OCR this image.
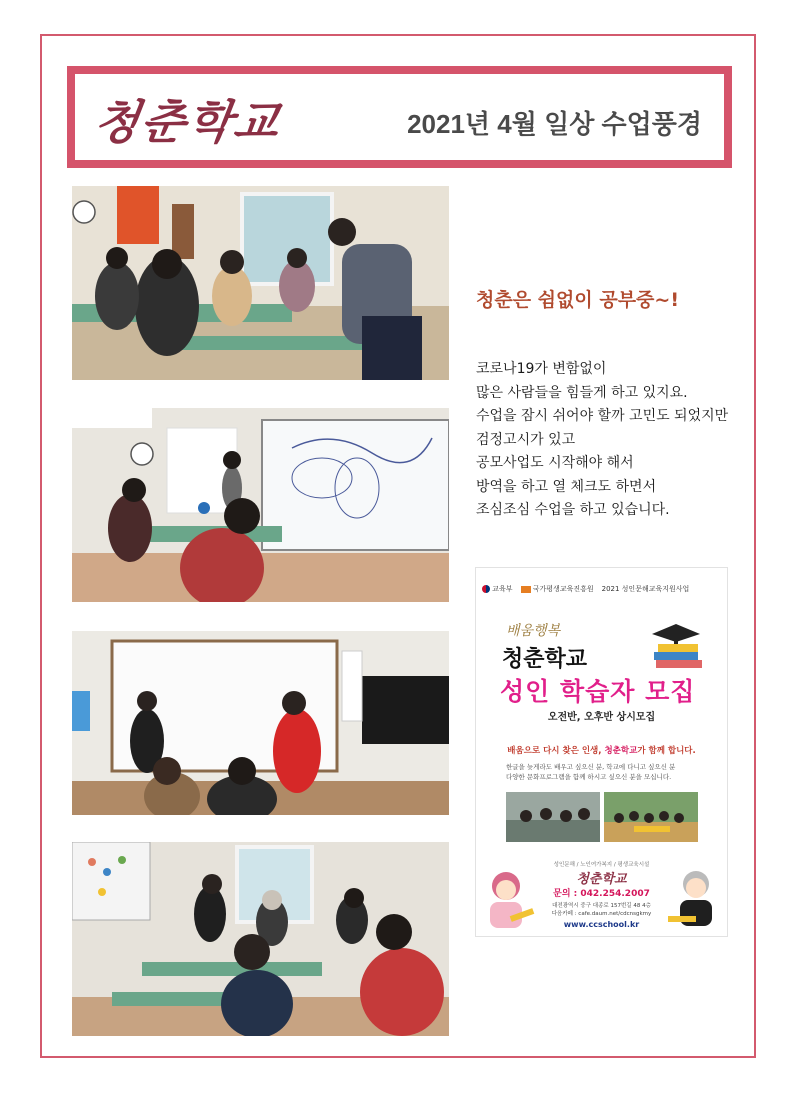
청춘학교	2021년 4월 일상 수업풍경
청춘은 쉼없이 공부중~!
코로나19가 변함없이
많은 사람들을 힘들게 하고 있지요.
수업을 잠시 쉬어야 할까 고민도 되었지만
검정고시가 있고
공모사업도 시작해야 해서
방역을 하고 열 체크도 하면서
조심조심 수업을 하고 있습니다.
교육부	국가평생교육진흥원 2021 성인문해교육지원사업
배움행복
청춘학교
성인 학습자 모집
오전반, 오후반 상시모집
배움으로 다시 찾은 인생, 청춘학교가 함께 합니다.
한글을 늦게라도 배우고 싶으신 분, 학교에 다니고 싶으신 분
다양한 문화프로그램을 함께 하시고 싶으신 분을 모십니다.
성인문해 / 노인여가복지 / 평생교육시설
청춘학교
문의 : 042.254.2007
대전광역시 중구 대종로 157번길 48 4층
다음카페 : cafe.daum.net/cdcnsgkmy
www.ccschool.kr
